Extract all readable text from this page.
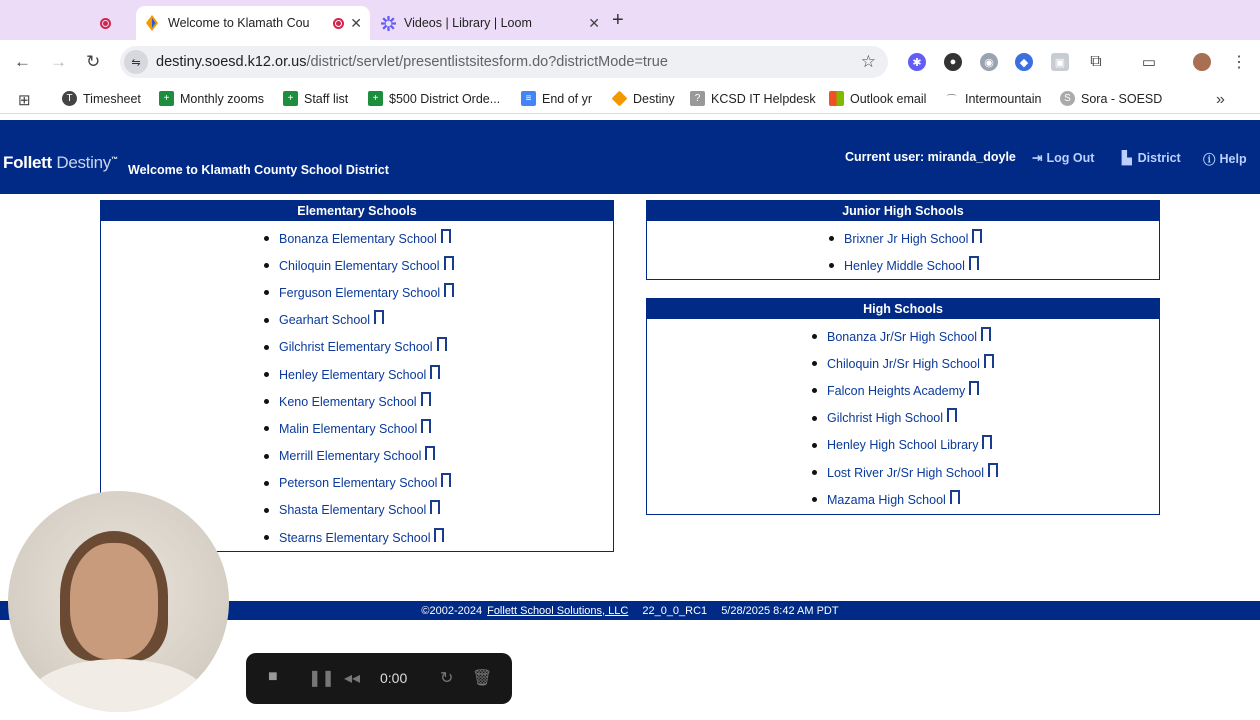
Welcome to Klamath Cou	✕	Videos | Library | Loom	✕ +
← → ↻	⇋	destiny.soesd.k12.or.us /district/servlet/presentlistsitesform.do?districtMode=true	☆	✱	●	◉	◆	▣ ⧉	▭	⋮
⊞	T Timesheet	+ Monthly zooms	+ Staff list	+ $500 District Orde...	≡ End of yr	Destiny	? KCSD IT Helpdesk	Outlook email ⌒ Intermountain	S Sora - SOESD	»
Follett Destiny™
Welcome to Klamath County School District
Current user: miranda_doyle ⇥ Log Out ▙ District ⓘ Help
Elementary Schools
Bonanza Elementary School
Chiloquin Elementary School
Ferguson Elementary School
Gearhart School
Gilchrist Elementary School
Henley Elementary School
Keno Elementary School
Malin Elementary School
Merrill Elementary School
Peterson Elementary School
Shasta Elementary School
Stearns Elementary School
Junior High Schools
Brixner Jr High School
Henley Middle School
High Schools
Bonanza Jr/Sr High School
Chiloquin Jr/Sr High School
Falcon Heights Academy
Gilchrist High School
Henley High School Library
Lost River Jr/Sr High School
Mazama High School
©2002-2024 Follett School Solutions, LLC 22_0_0_RC1 5/28/2025 8:42 AM PDT
■ ❚❚ ◂◂ 0:00 ↻ 🗑
